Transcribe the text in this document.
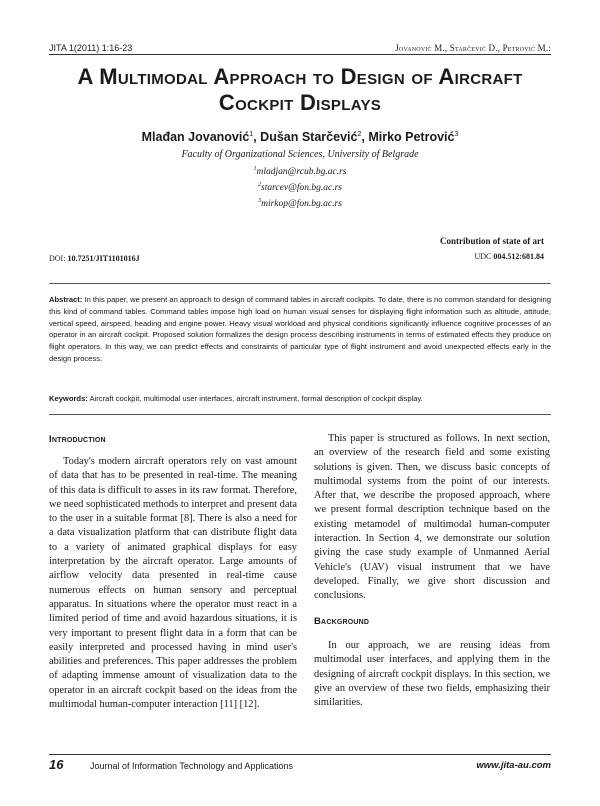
JITA 1(2011) 1:16-23	Jovanović M., Starčević D., Petrović M.:
A Multimodal Approach to Design of Aircraft
Cockpit Displays
Mlađan Jovanović$^1$, Dušan Starčević$^2$, Mirko Petrović$^3$
Faculty of Organizational Sciences, University of Belgrade
$^1$mladjan@rcub.bg.ac.rs
$^2$starcev@fon.bg.ac.rs
$^3$mirkop@fon.bg.ac.rs
Contribution of state of art
DOI: 10.7251/JIT1101016J	UDC 004.512:681.84
Abstract: In this paper, we present an approach to design of command tables in aircraft cockpits. To date, there is no common standard for designing this kind of command tables. Command tables impose high load on human visual senses for displaying flight information such as altitude, attitude, vertical speed, airspeed, heading and engine power. Heavy visual workload and physical conditions significantly influence cognitive processes of an operator in an aircraft cockpit. Proposed solution formalizes the design process describing instruments in terms of estimated effects they produce on flight operators. In this way, we can predict effects and constraints of particular type of flight instrument and avoid unexpected effects early in the design process.
Keywords: Aircraft cockpit, multimodal user interfaces, aircraft instrument, formal description of cockpit display.
Introduction

Today's modern aircraft operators rely on vast amount of data that has to be presented in real-time. The meaning of this data is difficult to asses in its raw format. Therefore, we need sophisticated methods to interpret and present data to the user in a suitable format [8]. There is also a need for a data visualization platform that can distribute flight data to a variety of animated graphical displays for easy interpretation by the aircraft operator. Large amounts of airflow velocity data presented in real-time cause numerous effects on human sensory and perceptual apparatus. In situations where the operator must react in a limited period of time and avoid hazardous situations, it is very important to present flight data in a form that can be easily interpreted and processed having in mind user's abilities and preferences. This paper addresses the problem of adapting immense amount of visualization data to the operator in an aircraft cockpit based on the ideas from the multimodal human-computer interaction [11] [12].

This paper is structured as follows. In next section, an overview of the research field and some existing solutions is given. Then, we discuss basic concepts of multimodal systems from the point of our interests. After that, we describe the proposed approach, where we present formal description technique based on the existing metamodel of multimodal human-computer interaction. In Section 4, we demonstrate our solution giving the case study example of Unmanned Aerial Vehicle's (UAV) visual instrument that we have developed. Finally, we give short discussion and conclusions.

Background

In our approach, we are reusing ideas from multimodal user interfaces, and applying them in the designing of aircraft cockpit displays. In this section, we give an overview of these two fields, emphasizing their similarities.

16	Journal of Information Technology and Applications	www.jita-au.com
